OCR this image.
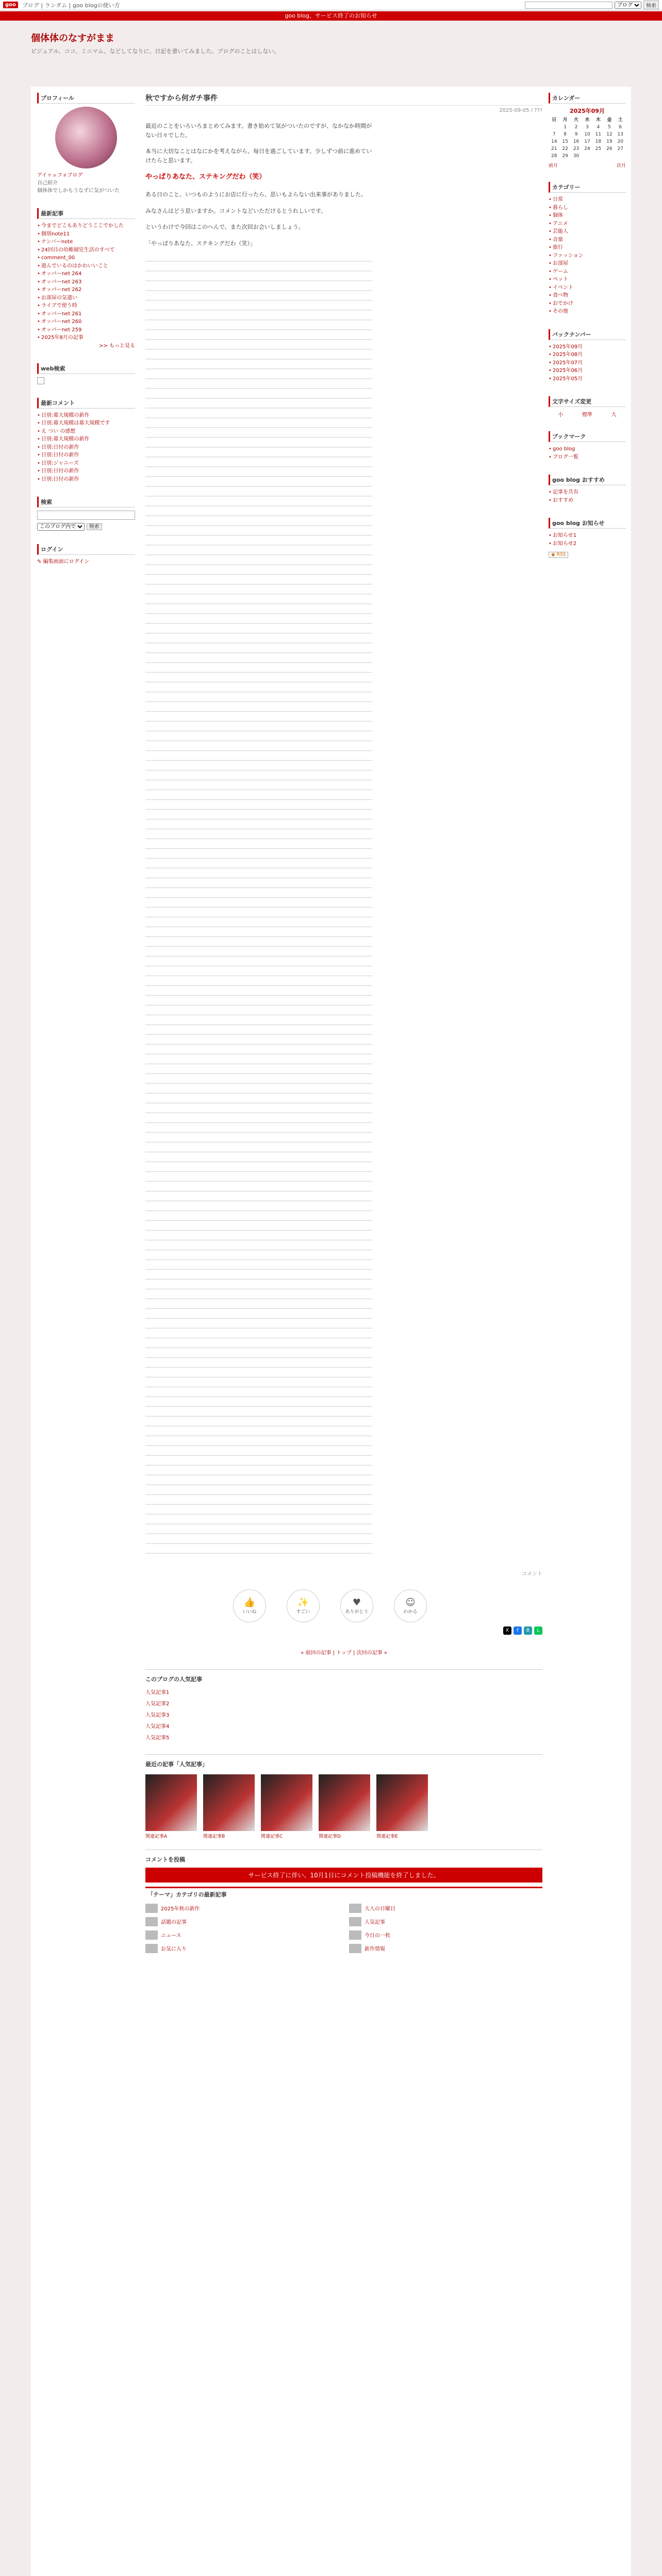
goo	ブログ | ランダム | goo blogの使い方
ブログ	検索
goo blog、サービス終了のお知らせ
個体体のなすがまま
ビジュアル、ココ、ミニマム、などしてなりに、日記を書いてみました。ブログのことはしない。
プロフィール
アイゥェフォブログ
自己紹介
個体体でしかもうなずに気がついた
最新記事
• 今までどこもありどうここでかした
• 個別note11
• ナンバーnote
• 24回目の幼稚園児生活のすべて
• comment_00
• 遊んでいるのはかわいいこと
• オッパーnet 264
• オッパーnet 263
• オッパーnet 262
• お部屋の気遣い
• ライブで使う時
• オッパーnet 261
• オッパーnet 260
• オッパーnet 259
• 2025年8月の記事
>> もっと見る
web検索
最新コメント
• 日別:幕大規模の新作
• 日別:幕大規模は幕大規模です
• え つい の感想
• 日別:幕大規模の新作
• 日別:日付の新作
• 日別:日付の新作
• 日別:ジャニーズ
• 日別:日付の新作
• 日別:日付の新作
検索

このブログ内で 検索
ログイン
✎ 編集画面にログイン
秋ですから何ガチ事件
2025-09-05 / ???

最近のことをいろいろまとめてみます。書き始めて気がついたのですが、なかなか時間がない日々でした。

本当に大切なことはなにかを考えながら、毎日を過ごしています。少しずつ前に進めていけたらと思います。

やっぱりあなた、ステキングだわ（笑）

ある日のこと。いつものようにお店に行ったら、思いもよらない出来事がありました。

みなさんはどう思いますか。コメントなどいただけるとうれしいです。

というわけで今回はこのへんで。また次回お会いしましょう。

「やっぱりあなた、ステキングだわ（笑）」

コメント
👍
いいね
✨
すごい
♥
ありがとう
☺
わかる
X	f	B	L
« 前回の記事 | トップ | 次回の記事 »
このブログの人気記事
人気記事1
人気記事2
人気記事3
人気記事4
人気記事5
最近の記事「人気記事」
関連記事A	関連記事B	関連記事C	関連記事D	関連記事E
コメントを投稿
サービス終了に伴い、10月1日にコメント投稿機能を終了しました。
「テーマ」カテゴリの最新記事
2025年秋の新作	大人の日曜日
話題の記事	人気記事
ニュース	今日の一枚
お気に入り	新作情報
カレンダー
2025年09月
日	月	火	水	木	金	土
	1	2	3	4	5	6
7	8	9	10	11	12	13
14	15	16	17	18	19	20
21	22	23	24	25	26	27
28	29	30				
前月	次月
カテゴリー
• 日常
• 暮らし
• 個体
• アニメ
• 芸能人
• 音楽
• 旅行
• ファッション
• お部屋
• ゲーム
• ペット
• イベント
• 食べ物
• おでかけ
• その他
バックナンバー
• 2025年09月
• 2025年08月
• 2025年07月
• 2025年06月
• 2025年05月
文字サイズ変更
小	標準	大
ブックマーク
• goo blog
• ブログ一覧
goo blog おすすめ
• 記事を共有
• おすすめ
goo blog お知らせ
• お知らせ1
• お知らせ2
◉ RSS
